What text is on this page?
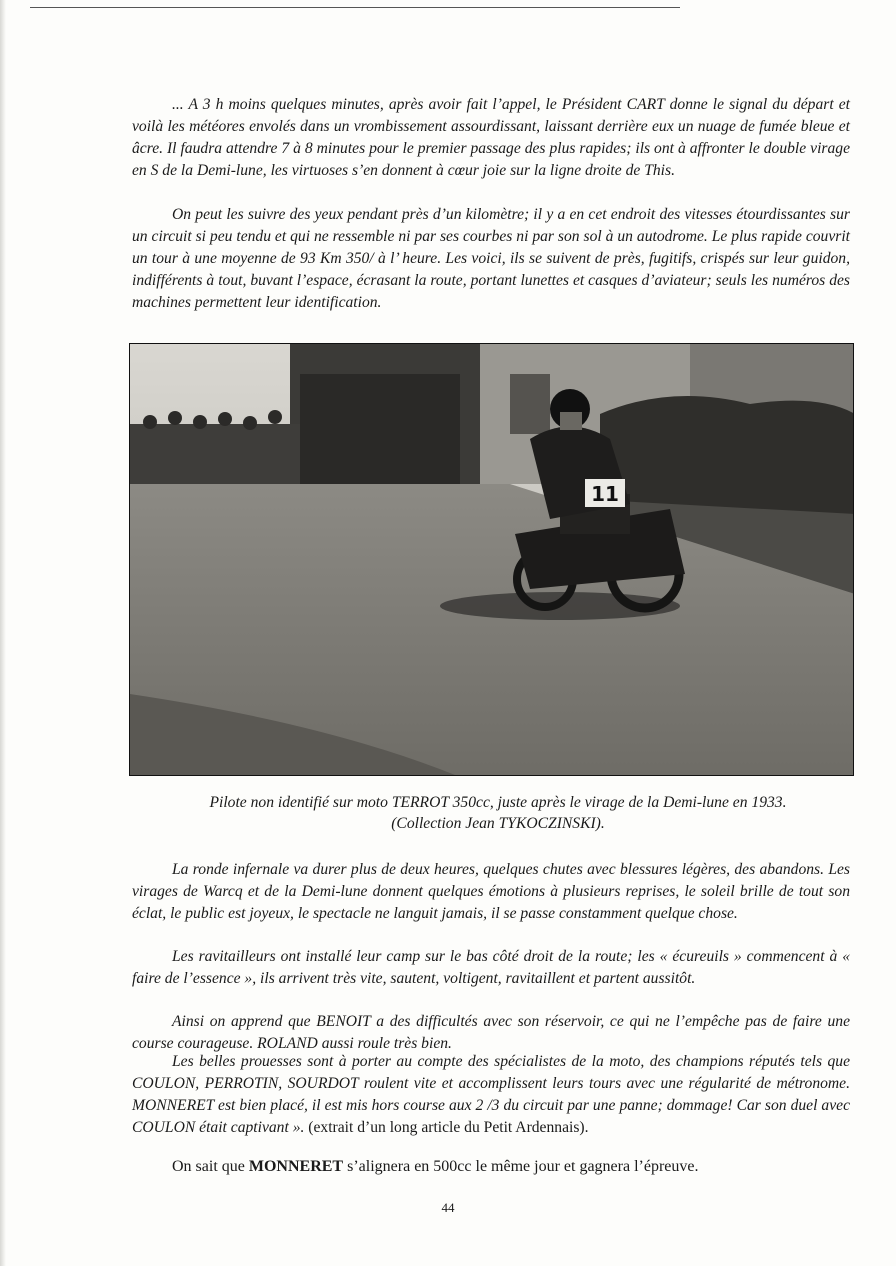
... A 3 h moins quelques minutes, après avoir fait l’appel, le Président CART donne le signal du départ et voilà les météores envolés dans un vrombissement assourdissant, laissant derrière eux un nuage de fumée bleue et âcre. Il faudra attendre 7 à 8 minutes pour le premier passage des plus rapides; ils ont à affronter le double virage en S de la Demi-lune, les virtuoses s’en donnent à cœur joie sur la ligne droite de This.

On peut les suivre des yeux pendant près d’un kilomètre; il y a en cet endroit des vitesses étourdissantes sur un circuit si peu tendu et qui ne ressemble ni par ses courbes ni par son sol à un autodrome. Le plus rapide couvrit un tour à une moyenne de 93 Km 350/ à l’ heure. Les voici, ils se suivent de près, fugitifs, crispés sur leur guidon, indifférents à tout, buvant l’espace, écrasant la route, portant lunettes et casques d’aviateur; seuls les numéros des machines permettent leur identification.

11

Pilote non identifié sur moto TERROT 350cc, juste après le virage de la Demi-lune en 1933.

(Collection Jean TYKOCZINSKI).

La ronde infernale va durer plus de deux heures, quelques chutes avec blessures légères, des abandons. Les virages de Warcq et de la Demi-lune donnent quelques émotions à plusieurs reprises, le soleil brille de tout son éclat, le public est joyeux, le spectacle ne languit jamais, il se passe constamment quelque chose.

Les ravitailleurs ont installé leur camp sur le bas côté droit de la route; les « écureuils » commencent à « faire de l’essence », ils arrivent très vite, sautent, voltigent, ravitaillent et partent aussitôt.

Ainsi on apprend que BENOIT a des difficultés avec son réservoir, ce qui ne l’empêche pas de faire une course courageuse. ROLAND aussi roule très bien.

Les belles prouesses sont à porter au compte des spécialistes de la moto, des champions réputés tels que COULON, PERROTIN, SOURDOT roulent vite et accomplissent leurs tours avec une régularité de métronome. MONNERET est bien placé, il est mis hors course aux 2 /3 du circuit par une panne; dommage! Car son duel avec COULON était captivant ». (extrait d’un long article du Petit Ardennais).

On sait que MONNERET s’alignera en 500cc le même jour et gagnera l’épreuve.

44
